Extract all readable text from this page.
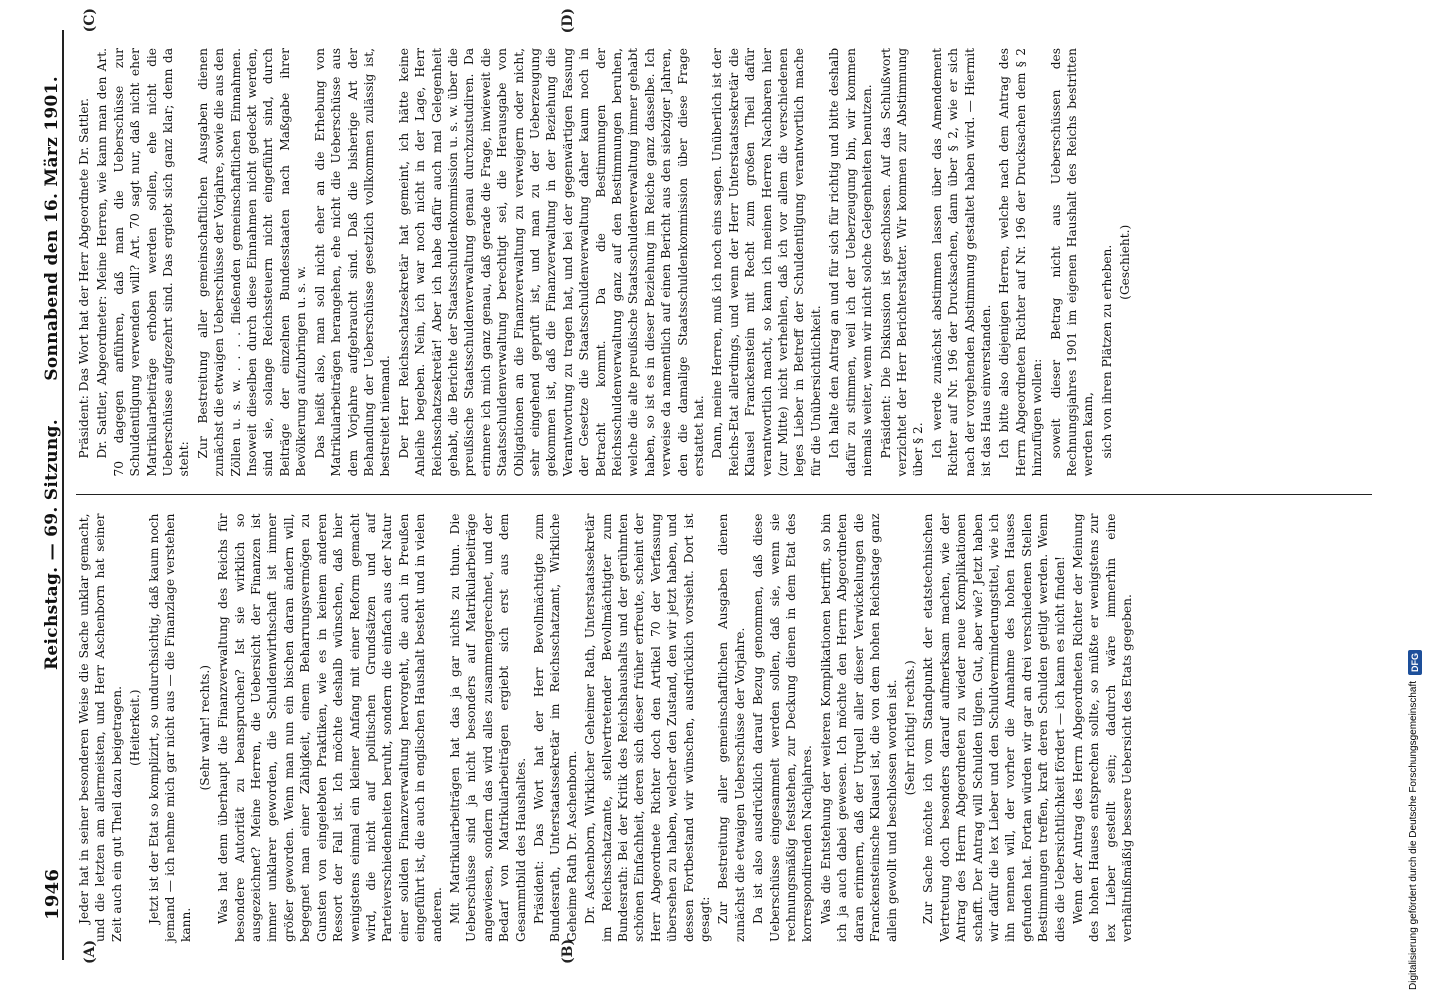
1946
Reichstag. — 69. Sitzung.
Sonnabend den 16. März 1901.
(A)	(B)
(C)	(D)

Jeder hat in seiner besonderen Weise die Sache unklar gemacht, und die letzten am allermeisten, und Herr Aschenborn hat seiner Zeit auch ein gut Theil dazu beigetragen. (Heiterkeit.) Jetzt ist der Etat so komplizirt, so undurchsichtig, daß kaum noch jemand — ich nehme mich gar nicht aus — die Finanzlage verstehen kann.

(Sehr wahr! rechts.) Was hat denn überhaupt die Finanzverwaltung des Reichs für besondere Autorität zu beanspruchen? Ist sie wirklich so ausgezeichnet? Meine Herren, die Uebersicht der Finanzen ist immer unklarer geworden, die Schuldenwirthschaft ist immer größer geworden. Wenn man nun ein bischen daran ändern will, begegnet man einer Zähigkeit, einem Beharrungsvermögen zu Gunsten von eingelebten Praktiken, wie es in keinem anderen Ressort der Fall ist. Ich möchte deshalb wünschen, daß hier wenigstens einmal ein kleiner Anfang mit einer Reform gemacht wird, die nicht auf politischen Grundsätzen und auf Parteiverschiedenheiten beruht, sondern die einfach aus der Natur einer soliden Finanzverwaltung hervorgeht, die auch in Preußen eingeführt ist, die auch in englischen Haushalt besteht und in vielen anderen. Mit Matrikularbeiträgen hat das ja gar nichts zu thun. Die Ueberschüsse sind ja nicht besonders auf Matrikularbeiträge angewiesen, sondern das wird alles zusammengerechnet, und der Bedarf von Matrikularbeiträgen ergiebt sich erst aus dem Gesammtbild des Haushaltes. Präsident: Das Wort hat der Herr Bevollmächtigte zum Bundesrath, Unterstaatssekretär im Reichsschatzamt, Wirkliche Geheime Rath Dr. Aschenborn. Dr. Aschenborn, Wirklicher Geheimer Rath, Unterstaatssekretär im Reichsschatzamte, stellvertretender Bevollmächtigter zum Bundesrath: Bei der Kritik des Reichshaushalts und der gerühmten schönen Einfachheit, deren sich dieser früher erfreute, scheint der Herr Abgeordnete Richter doch den Artikel 70 der Verfassung übersehen zu haben, welcher den Zustand, den wir jetzt haben, und dessen Fortbestand wir wünschen, ausdrücklich vorsieht. Dort ist gesagt: Zur Bestreitung aller gemeinschaftlichen Ausgaben dienen zunächst die etwaigen Ueberschüsse der Vorjahre. Da ist also ausdrücklich darauf Bezug genommen, daß diese Ueberschüsse eingesammelt werden sollen, daß sie, wenn sie rechnungsmäßig feststehen, zur Deckung dienen in dem Etat des korrespondirenden Nachjahres. Was die Entstehung der weiteren Komplikationen betrifft, so bin ich ja auch dabei gewesen. Ich möchte den Herrn Abgeordneten daran erinnern, daß der Urquell aller dieser Verwickelungen die Franckensteinsche Klausel ist, die von dem hohen Reichstage ganz allein gewollt und beschlossen worden ist. (Sehr richtig! rechts.) Zur Sache möchte ich vom Standpunkt der etatstechnischen Vertretung doch besonders darauf aufmerksam machen, wie der Antrag des Herrn Abgeordneten zu wieder neue Komplikationen schafft. Der Antrag will Schulden tilgen. Gut, aber wie? Jetzt haben wir dafür die lex Lieber und den Schuldverminderungstitel, wie ich ihn nennen will, der vorher die Annahme des hohen Hauses gefunden hat. Fortan würden wir gar an drei verschiedenen Stellen Bestimmungen treffen, kraft deren Schulden getilgt werden. Wenn dies die Uebersichtlichkeit fördert — ich kann es nicht finden! Wenn der Antrag des Herrn Abgeordneten Richter der Meinung des hohen Hauses entsprechen sollte, so müßte er wenigstens zur lex Lieber gestellt sein; dadurch wäre immerhin eine verhältnißmäßig bessere Uebersicht des Etats gegeben.

Präsident: Das Wort hat der Herr Abgeordnete Dr. Sattler. Dr. Sattler, Abgeordneter: Meine Herren, wie kann man den Art. 70 dagegen anführen, daß man die Ueberschüsse zur Schuldentilgung verwenden will? Art. 70 sagt nur, daß nicht eher Matrikularbeiträge erhoben werden sollen, ehe nicht die Ueberschüsse aufgezehrt sind. Das ergiebt sich ganz klar; denn da steht:

Zur Bestreitung aller gemeinschaftlichen Ausgaben dienen zunächst die etwaigen Ueberschüsse der Vorjahre, sowie die aus den Zöllen u. s. w. . . . . fließenden gemeinschaftlichen Einnahmen. Insoweit dieselben durch diese Einnahmen nicht gedeckt werden, sind sie, solange Reichssteuern nicht eingeführt sind, durch Beiträge der einzelnen Bundesstaaten nach Maßgabe ihrer Bevölkerung aufzubringen u. s. w. Das heißt also, man soll nicht eher an die Erhebung von Matrikularbeiträgen herangehen, ehe nicht die Ueberschüsse aus dem Vorjahre aufgebraucht sind. Daß die bisherige Art der Behandlung der Ueberschüsse gesetzlich vollkommen zulässig ist, bestreitet niemand. Der Herr Reichsschatzsekretär hat gemeint, ich hätte keine Anleihe begeben. Nein, ich war noch nicht in der Lage, Herr Reichsschatzsekretär! Aber ich habe dafür auch mal Gelegenheit gehabt, die Berichte der Staatsschuldenkommission u. s. w. über die preußische Staatsschuldenverwaltung genau durchzustudiren. Da erinnere ich mich ganz genau, daß gerade die Frage, inwieweit die Staatsschuldenverwaltung berechtigt sei, die Herausgabe von Obligationen an die Finanzverwaltung zu verweigern oder nicht, sehr eingehend geprüft ist, und man zu der Ueberzeugung gekommen ist, daß die Finanzverwaltung in der Beziehung die Verantwortung zu tragen hat, und bei der gegenwärtigen Fassung der Gesetze die Staatsschuldenverwaltung daher kaum noch in Betracht kommt. Da die Bestimmungen der Reichsschuldenverwaltung ganz auf den Bestimmungen beruhen, welche die alte preußische Staatsschuldenverwaltung immer gehabt haben, so ist es in dieser Beziehung im Reiche ganz dasselbe. Ich verweise da namentlich auf einen Bericht aus den siebziger Jahren, den die damalige Staatsschuldenkommission über diese Frage erstattet hat. Dann, meine Herren, muß ich noch eins sagen. Unüberlich ist der Reichs-Etat allerdings, und wenn der Herr Unterstaatssekretär die Klausel Franckenstein mit Recht zum großen Theil dafür verantwortlich macht, so kann ich meinen Herren Nachbaren hier (zur Mitte) nicht verhehlen, daß ich vor allem die verschiedenen leges Lieber in Betreff der Schuldentilgung verantwortlich mache für die Unübersichtlichkeit. Ich halte den Antrag an und für sich für richtig und bitte deshalb dafür zu stimmen, weil ich der Ueberzeugung bin, wir kommen niemals weiter, wenn wir nicht solche Gelegenheiten benutzen. Präsident: Die Diskussion ist geschlossen. Auf das Schlußwort verzichtet der Herr Berichterstatter. Wir kommen zur Abstimmung über § 2. Ich werde zunächst abstimmen lassen über das Amendement Richter auf Nr. 196 der Drucksachen, dann über § 2, wie er sich nach der vorgehenden Abstimmung gestaltet haben wird. — Hiermit ist das Haus einverstanden. Ich bitte also diejenigen Herren, welche nach dem Antrag des Herrn Abgeordneten Richter auf Nr. 196 der Drucksachen dem § 2 hinzufügen wollen: soweit dieser Betrag nicht aus Ueberschüssen des Rechnungsjahres 1901 im eigenen Haushalt des Reichs bestritten werden kann, sich von ihren Plätzen zu erheben. (Geschieht.)

Digitalisierung gefördert durch die Deutsche Forschungsgemeinschaft
DFG
